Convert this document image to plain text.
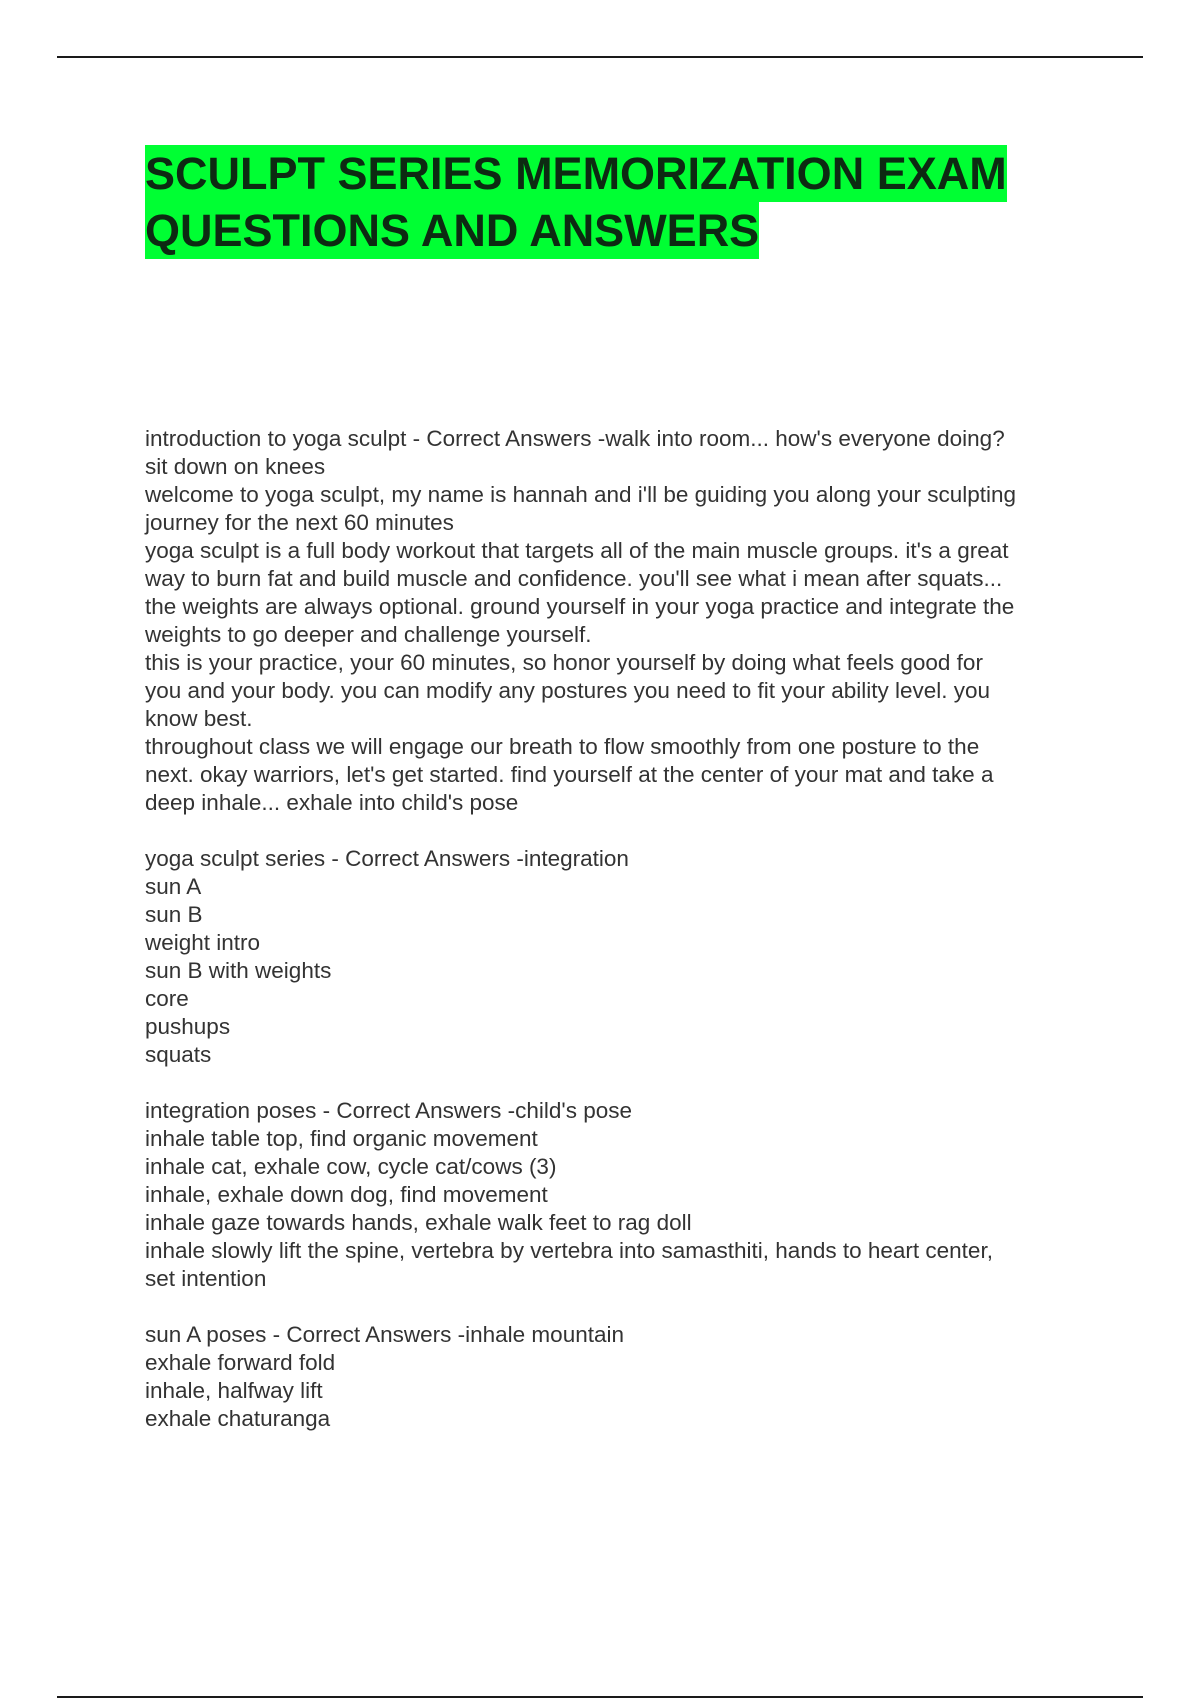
SCULPT SERIES MEMORIZATION EXAM
QUESTIONS AND ANSWERS
introduction to yoga sculpt - Correct Answers -walk into room... how's everyone doing?
sit down on knees
welcome to yoga sculpt, my name is hannah and i'll be guiding you along your sculpting
journey for the next 60 minutes
yoga sculpt is a full body workout that targets all of the main muscle groups. it's a great
way to burn fat and build muscle and confidence. you'll see what i mean after squats...
the weights are always optional. ground yourself in your yoga practice and integrate the
weights to go deeper and challenge yourself.
this is your practice, your 60 minutes, so honor yourself by doing what feels good for
you and your body. you can modify any postures you need to fit your ability level. you
know best.
throughout class we will engage our breath to flow smoothly from one posture to the
next. okay warriors, let's get started. find yourself at the center of your mat and take a
deep inhale... exhale into child's pose
yoga sculpt series - Correct Answers -integration
sun A
sun B
weight intro
sun B with weights
core
pushups
squats
integration poses - Correct Answers -child's pose
inhale table top, find organic movement
inhale cat, exhale cow, cycle cat/cows (3)
inhale, exhale down dog, find movement
inhale gaze towards hands, exhale walk feet to rag doll
inhale slowly lift the spine, vertebra by vertebra into samasthiti, hands to heart center,
set intention
sun A poses - Correct Answers -inhale mountain
exhale forward fold
inhale, halfway lift
exhale chaturanga
